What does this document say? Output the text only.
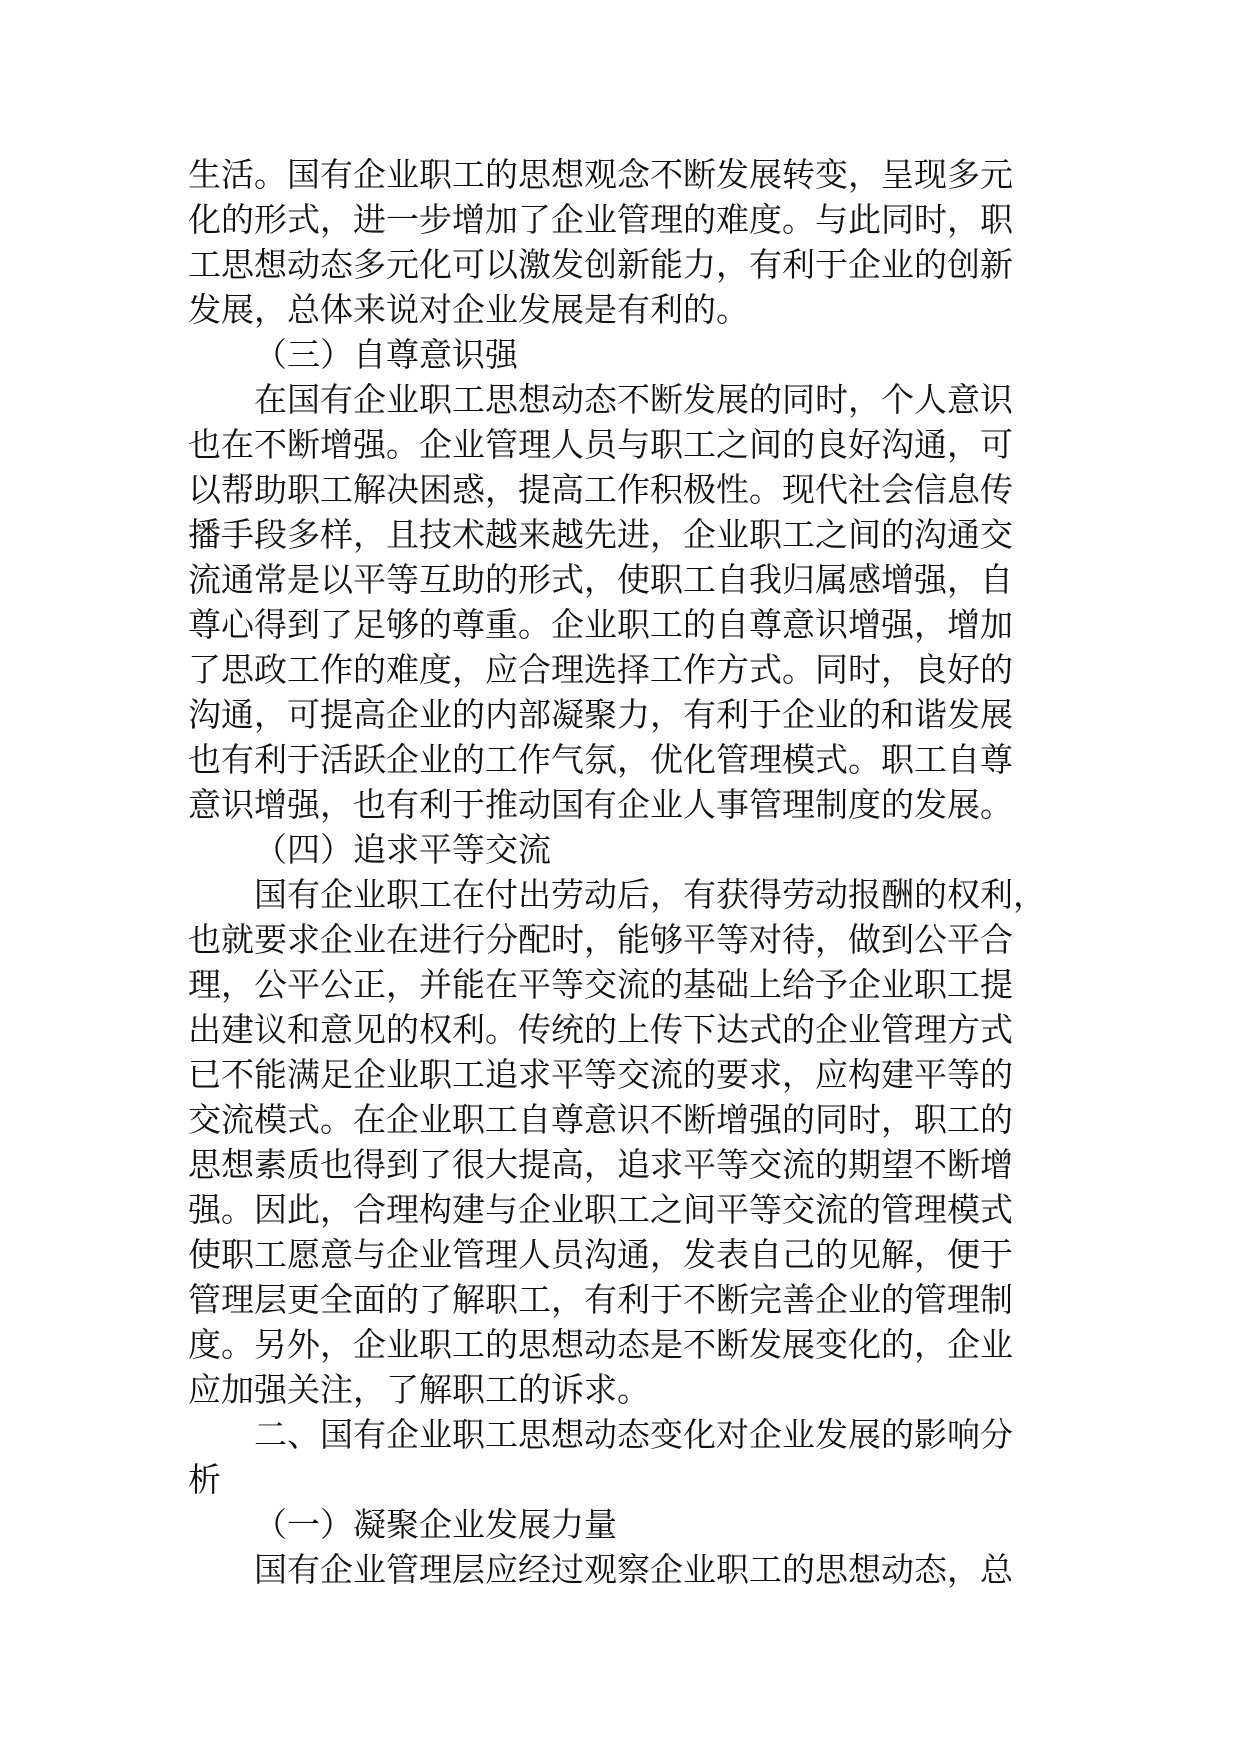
生活。国有企业职工的思想观念不断发展转变，呈现多元
化的形式，进一步增加了企业管理的难度。与此同时，职
工思想动态多元化可以激发创新能力，有利于企业的创新
发展，总体来说对企业发展是有利的。
（三）自尊意识强
在国有企业职工思想动态不断发展的同时，个人意识
也在不断增强。企业管理人员与职工之间的良好沟通，可
以帮助职工解决困惑，提高工作积极性。现代社会信息传
播手段多样，且技术越来越先进，企业职工之间的沟通交
流通常是以平等互助的形式，使职工自我归属感增强，自
尊心得到了足够的尊重。企业职工的自尊意识增强，增加
了思政工作的难度，应合理选择工作方式。同时，良好的
沟通，可提高企业的内部凝聚力，有利于企业的和谐发展
也有利于活跃企业的工作气氛，优化管理模式。职工自尊
意识增强，也有利于推动国有企业人事管理制度的发展。
（四）追求平等交流
国有企业职工在付出劳动后，有获得劳动报酬的权利，
也就要求企业在进行分配时，能够平等对待，做到公平合
理，公平公正，并能在平等交流的基础上给予企业职工提
出建议和意见的权利。传统的上传下达式的企业管理方式
已不能满足企业职工追求平等交流的要求，应构建平等的
交流模式。在企业职工自尊意识不断增强的同时，职工的
思想素质也得到了很大提高，追求平等交流的期望不断增
强。因此，合理构建与企业职工之间平等交流的管理模式
使职工愿意与企业管理人员沟通，发表自己的见解，便于
管理层更全面的了解职工，有利于不断完善企业的管理制
度。另外，企业职工的思想动态是不断发展变化的，企业
应加强关注，了解职工的诉求。
二、国有企业职工思想动态变化对企业发展的影响分
析
（一）凝聚企业发展力量
国有企业管理层应经过观察企业职工的思想动态，总
